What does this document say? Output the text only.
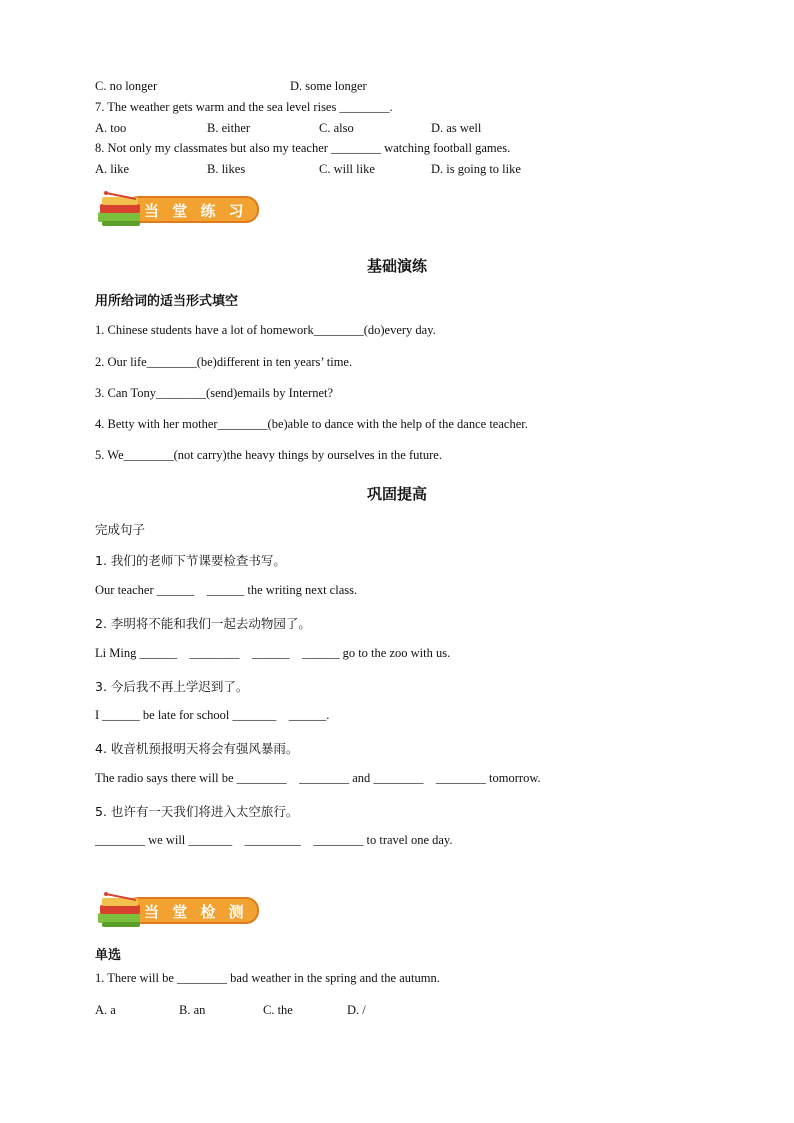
C. no longer	D. some longer
7. The weather gets warm and the sea level rises ________.
A. too	B. either	C. also	D. as well
8. Not only my classmates but also my teacher ________ watching football games.
A. like	B. likes	C. will like	D. is going to like
当 堂 练 习
基础演练
用所给词的适当形式填空
1. Chinese students have a lot of homework________(do)every day.
2. Our life________(be)different in ten years’ time.
3. Can Tony________(send)emails by Internet?
4. Betty with her mother________(be)able to dance with the help of the dance teacher.
5. We________(not carry)the heavy things by ourselves in the future.
巩固提高
完成句子
1. 我们的老师下节课要检查书写。
Our teacher ______    ______ the writing next class.
2. 李明将不能和我们一起去动物园了。
Li Ming ______    ________    ______    ______ go to the zoo with us.
3. 今后我不再上学迟到了。
I ______ be late for school _______    ______.
4. 收音机预报明天将会有强风暴雨。
The radio says there will be ________    ________ and ________    ________ tomorrow.
5. 也许有一天我们将进入太空旅行。
________ we will _______    _________    ________ to travel one day.
当 堂 检 测
单选
1. There will be ________ bad weather in the spring and the autumn.
A. a	B. an	C. the	D. /
